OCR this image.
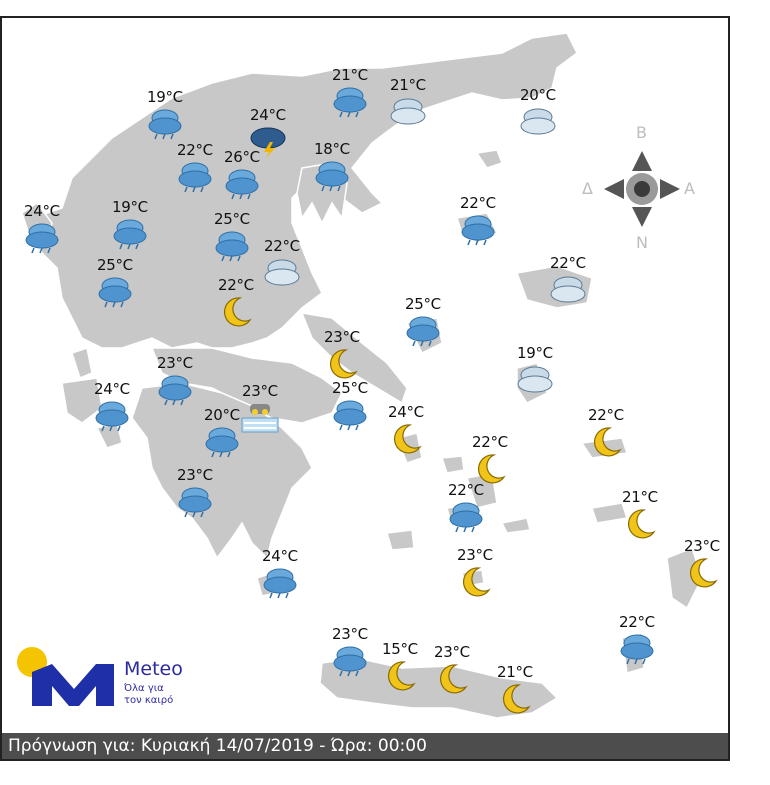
19°C
21°C
21°C
20°C
24°C
22°C 26°C	18°C
24°C	19°C
25°C
22°C
22°C
25°C
22°C
22°C
25°C
23°C
19°C
23°C
24°C	23°C	25°C
20°C	24°C
22°C
22°C
22°C
23°C
21°C
24°C	23°C	23°C
22°C
23°C
15°C 23°C
21°C
B
A
Δ
N
Meteo
Όλα για
τον καιρό
Πρόγνωση για: Κυριακή 14/07/2019 - Ώρα: 00:00
